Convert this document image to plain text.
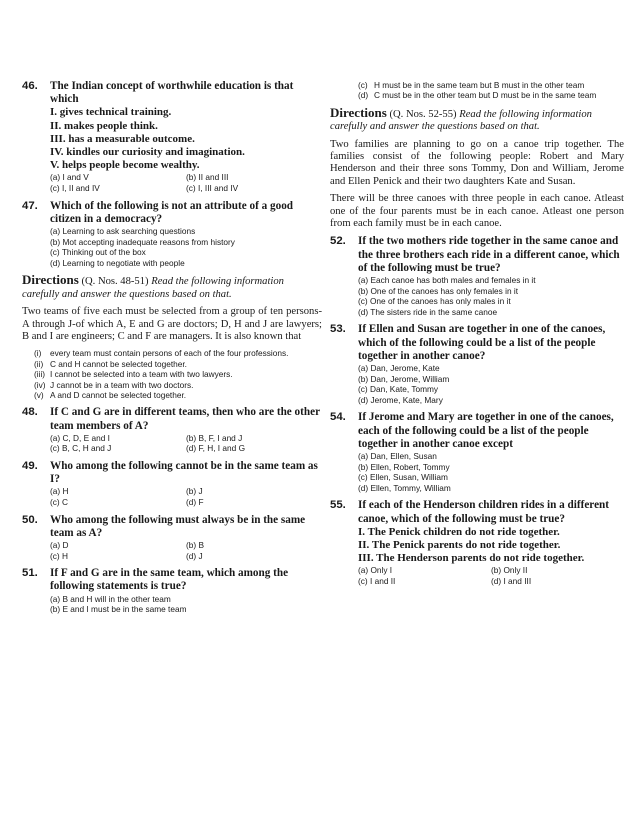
46.	The Indian concept of worthwhile education is that which
I. gives technical training.
II. makes people think.
III. has a measurable outcome.
IV. kindles our curiosity and imagination.
V. helps people become wealthy.
(a) I and V	(b) II and III
(c) I, II and IV	(c) I, III and IV
47.	Which of the following is not an attribute of a good citizen in a democracy?
(a) Learning to ask searching questions
(b) Mot accepting inadequate reasons from history
(c) Thinking out of the box
(d) Learning to negotiate with people
Directions (Q. Nos. 48-51) Read the following information carefully and answer the questions based on that.
Two teams of five each must be selected from a group of ten persons-A through J-of which A, E and G are doctors; D, H and J are lawyers; B and I are engineers; C and F are managers. It is also known that
(i)	every team must contain persons of each of the four professions.
(ii) C and H cannot be selected together.
(iii) I cannot be selected into a team with two lawyers.
(iv) J cannot be in a team with two doctors.
(v) A and D cannot be selected together.
48.	If C and G are in different teams, then who are the other team members of A?
(a) C, D, E and I	(b) B, F, I and J
(c) B, C, H and J	(d) F, H, I and G
49.	Who among the following cannot be in the same team as I?
(a) H	(b) J
(c) C	(d) F
50.	Who among the following must always be in the same team as A?
(a) D	(b) B
(c) H	(d) J
51.	If F and G are in the same team, which among the following statements is true?
(a) B and H will in the other team
(b) E and I must be in the same team
(c) H must be in the same team but B must in the other team
(d) C must be in the other team but D must be in the same team
Directions (Q. Nos. 52-55) Read the following information carefully and answer the questions based on that.
Two families are planning to go on a canoe trip together. The families consist of the following people: Robert and Mary Henderson and their three sons Tommy, Don and William, Jerome and Ellen Penick and their two daughters Kate and Susan.
There will be three canoes with three people in each canoe. Atleast one of the four parents must be in each canoe. Atleast one person from each family must be in each canoe.
52.	If the two mothers ride together in the same canoe and the three brothers each ride in a different canoe, which of the following must be true?
(a) Each canoe has both males and females in it
(b) One of the canoes has only females in it
(c) One of the canoes has only males in it
(d) The sisters ride in the same canoe
53.	If Ellen and Susan are together in one of the canoes, which of the following could be a list of the people together in another canoe?
(a) Dan, Jerome, Kate
(b) Dan, Jerome, William
(c) Dan, Kate, Tommy
(d) Jerome, Kate, Mary
54.	If Jerome and Mary are together in one of the canoes, each of the following could be a list of the people together in another canoe except
(a) Dan, Ellen, Susan
(b) Ellen, Robert, Tommy
(c) Ellen, Susan, William
(d) Ellen, Tommy, William
55.	If each of the Henderson children rides in a different canoe, which of the following must be true?
I. The Penick children do not ride together.
II. The Penick parents do not ride together.
III. The Henderson parents do not ride together.
(a) Only I	(b) Only II
(c) I and II	(d) I and III
